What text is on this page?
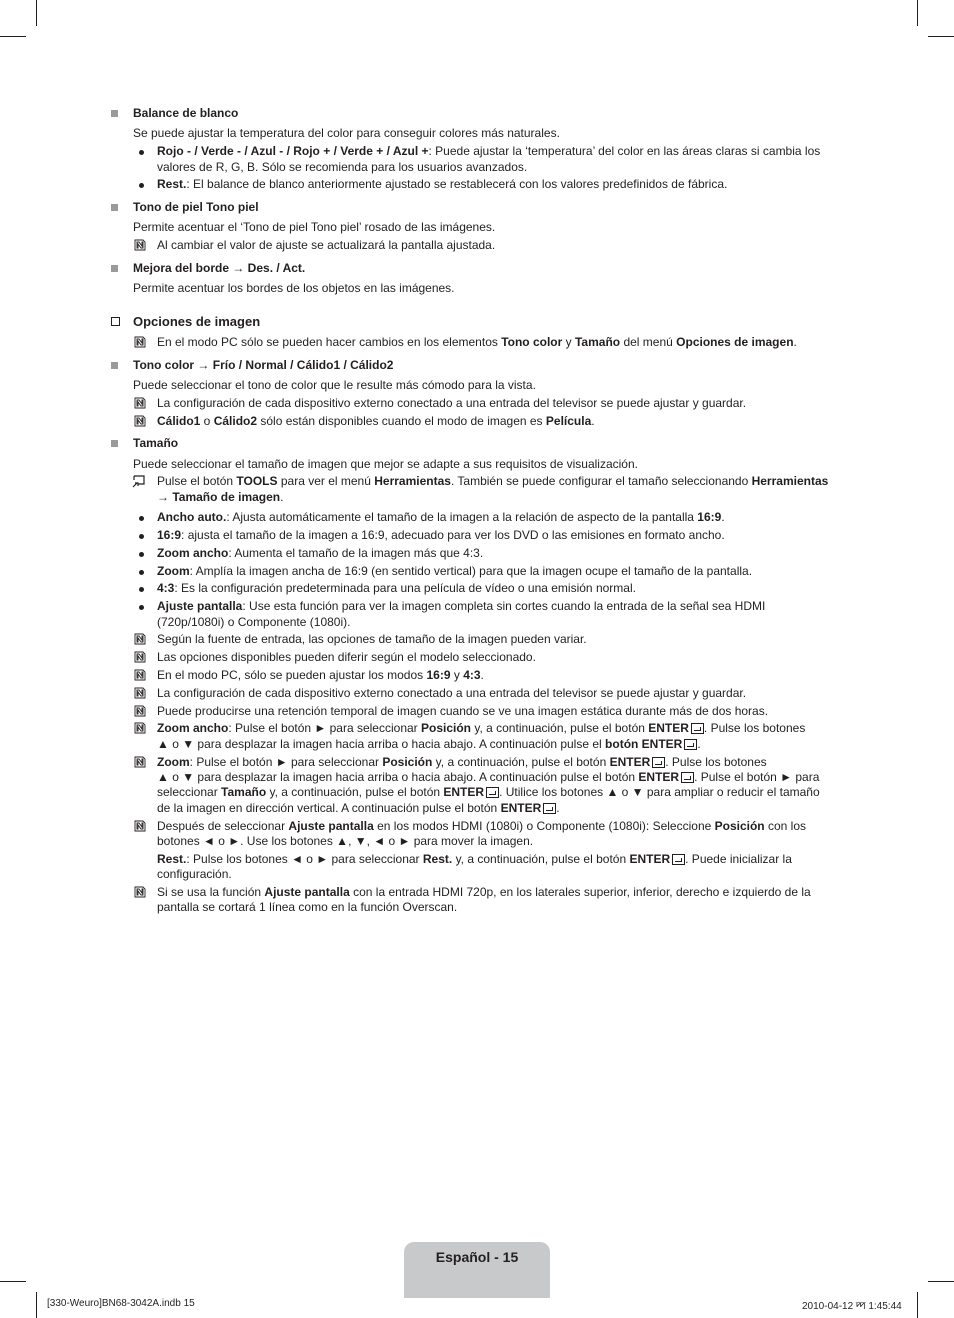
Balance de blanco
Se puede ajustar la temperatura del color para conseguir colores más naturales.
Rojo - / Verde - / Azul - / Rojo + / Verde + / Azul +: Puede ajustar la ‘temperatura’ del color en las áreas claras si cambia los
valores de R, G, B. Sólo se recomienda para los usuarios avanzados.
Rest.: El balance de blanco anteriormente ajustado se restablecerá con los valores predefinidos de fábrica.
Tono de piel Tono piel
Permite acentuar el ‘Tono de piel Tono piel’ rosado de las imágenes.
Al cambiar el valor de ajuste se actualizará la pantalla ajustada.
Mejora del borde → Des. / Act.
Permite acentuar los bordes de los objetos en las imágenes.
Opciones de imagen
En el modo PC sólo se pueden hacer cambios en los elementos Tono color y Tamaño del menú Opciones de imagen.
Tono color → Frío / Normal / Cálido1 / Cálido2
Puede seleccionar el tono de color que le resulte más cómodo para la vista.
La configuración de cada dispositivo externo conectado a una entrada del televisor se puede ajustar y guardar.
Cálido1 o Cálido2 sólo están disponibles cuando el modo de imagen es Película.
Tamaño
Puede seleccionar el tamaño de imagen que mejor se adapte a sus requisitos de visualización.
Pulse el botón TOOLS para ver el menú Herramientas. También se puede configurar el tamaño seleccionando Herramientas
→ Tamaño de imagen.
Ancho auto.: Ajusta automáticamente el tamaño de la imagen a la relación de aspecto de la pantalla 16:9.
16:9: ajusta el tamaño de la imagen a 16:9, adecuado para ver los DVD o las emisiones en formato ancho.
Zoom ancho: Aumenta el tamaño de la imagen más que 4:3.
Zoom: Amplía la imagen ancha de 16:9 (en sentido vertical) para que la imagen ocupe el tamaño de la pantalla.
4:3: Es la configuración predeterminada para una película de vídeo o una emisión normal.
Ajuste pantalla: Use esta función para ver la imagen completa sin cortes cuando la entrada de la señal sea HDMI
(720p/1080i) o Componente (1080i).
Según la fuente de entrada, las opciones de tamaño de la imagen pueden variar.
Las opciones disponibles pueden diferir según el modelo seleccionado.
En el modo PC, sólo se pueden ajustar los modos 16:9 y 4:3.
La configuración de cada dispositivo externo conectado a una entrada del televisor se puede ajustar y guardar.
Puede producirse una retención temporal de imagen cuando se ve una imagen estática durante más de dos horas.
Zoom ancho: Pulse el botón ► para seleccionar Posición y, a continuación, pulse el botón ENTER . Pulse los botones
▲ o ▼ para desplazar la imagen hacia arriba o hacia abajo. A continuación pulse el botón ENTER .
Zoom: Pulse el botón ► para seleccionar Posición y, a continuación, pulse el botón ENTER . Pulse los botones
▲ o ▼ para desplazar la imagen hacia arriba o hacia abajo. A continuación pulse el botón ENTER . Pulse el botón ► para
seleccionar Tamaño y, a continuación, pulse el botón ENTER . Utilice los botones ▲ o ▼ para ampliar o reducir el tamaño
de la imagen en dirección vertical. A continuación pulse el botón ENTER .
Después de seleccionar Ajuste pantalla en los modos HDMI (1080i) o Componente (1080i): Seleccione Posición con los
botones ◄ o ►. Use los botones ▲, ▼, ◄ o ► para mover la imagen.
Rest.: Pulse los botones ◄ o ► para seleccionar Rest. y, a continuación, pulse el botón ENTER . Puede inicializar la
configuración.
Si se usa la función Ajuste pantalla con la entrada HDMI 720p, en los laterales superior, inferior, derecho e izquierdo de la
pantalla se cortará 1 línea como en la función Overscan.
Español - 15
[330-Weuro]BN68-3042A.indb 15	2010-04-12 ꠈ 1:45:44
